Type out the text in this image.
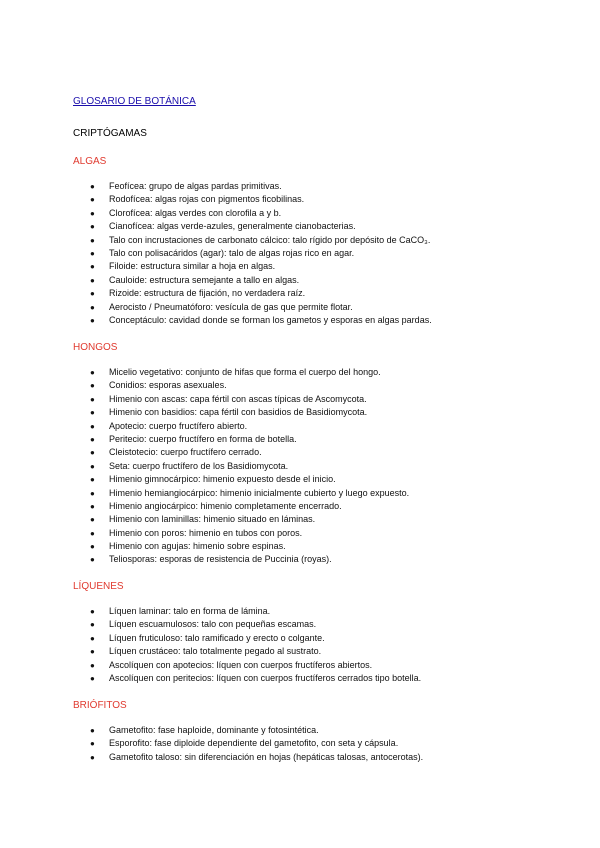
GLOSARIO DE BOTÁNICA
CRIPTÓGAMAS
ALGAS
● Feofícea: grupo de algas pardas primitivas.
● Rodofícea: algas rojas con pigmentos ficobilinas.
● Clorofícea: algas verdes con clorofila a y b.
● Cianofícea: algas verde-azules, generalmente cianobacterias.
● Talo con incrustaciones de carbonato cálcico: talo rígido por depósito de CaCO₃.
● Talo con polisacáridos (agar): talo de algas rojas rico en agar.
● Filoide: estructura similar a hoja en algas.
● Cauloide: estructura semejante a tallo en algas.
● Rizoide: estructura de fijación, no verdadera raíz.
● Aerocisto / Pneumatóforo: vesícula de gas que permite flotar.
● Conceptáculo: cavidad donde se forman los gametos y esporas en algas pardas.
HONGOS
● Micelio vegetativo: conjunto de hifas que forma el cuerpo del hongo.
● Conidios: esporas asexuales.
● Himenio con ascas: capa fértil con ascas típicas de Ascomycota.
● Himenio con basidios: capa fértil con basidios de Basidiomycota.
● Apotecio: cuerpo fructífero abierto.
● Peritecio: cuerpo fructífero en forma de botella.
● Cleistotecio: cuerpo fructífero cerrado.
● Seta: cuerpo fructífero de los Basidiomycota.
● Himenio gimnocárpico: himenio expuesto desde el inicio.
● Himenio hemiangiocárpico: himenio inicialmente cubierto y luego expuesto.
● Himenio angiocárpico: himenio completamente encerrado.
● Himenio con laminillas: himenio situado en láminas.
● Himenio con poros: himenio en tubos con poros.
● Himenio con agujas: himenio sobre espinas.
● Teliosporas: esporas de resistencia de Puccinia (royas).
LÍQUENES
● Líquen laminar: talo en forma de lámina.
● Líquen escuamulosos: talo con pequeñas escamas.
● Líquen fruticuloso: talo ramificado y erecto o colgante.
● Líquen crustáceo: talo totalmente pegado al sustrato.
● Ascolíquen con apotecios: líquen con cuerpos fructíferos abiertos.
● Ascolíquen con peritecios: líquen con cuerpos fructíferos cerrados tipo botella.
BRIÓFITOS
● Gametofito: fase haploide, dominante y fotosintética.
● Esporofito: fase diploide dependiente del gametofito, con seta y cápsula.
● Gametofito taloso: sin diferenciación en hojas (hepáticas talosas, antocerotas).
